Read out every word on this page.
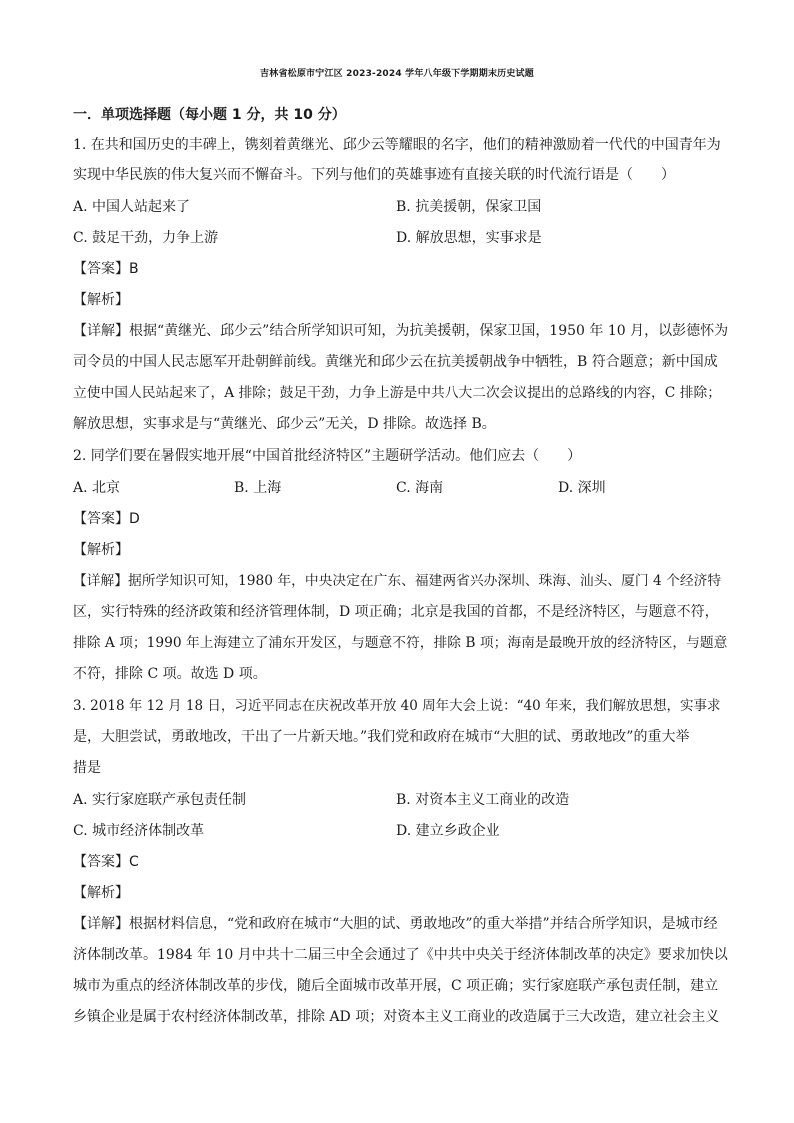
吉林省松原市宁江区 2023-2024 学年八年级下学期期末历史试题
一．单项选择题（每小题 1 分，共 10 分）
1. 在共和国历史的丰碑上，镌刻着黄继光、邱少云等耀眼的名字，他们的精神激励着一代代的中国青年为
实现中华民族的伟大复兴而不懈奋斗。下列与他们的英雄事迹有直接关联的时代流行语是（　　）
A. 中国人站起来了	B. 抗美援朝，保家卫国
C. 鼓足干劲，力争上游	D. 解放思想，实事求是
【答案】B
【解析】
【详解】根据“黄继光、邱少云”结合所学知识可知，为抗美援朝，保家卫国，1950 年 10 月，以彭德怀为
司令员的中国人民志愿军开赴朝鲜前线。黄继光和邱少云在抗美援朝战争中牺牲，B 符合题意；新中国成
立使中国人民站起来了，A 排除；鼓足干劲，力争上游是中共八大二次会议提出的总路线的内容，C 排除；
解放思想，实事求是与“黄继光、邱少云”无关，D 排除。故选择 B。
2. 同学们要在暑假实地开展“中国首批经济特区”主题研学活动。他们应去（　　）
A. 北京	B. 上海	C. 海南	D. 深圳
【答案】D
【解析】
【详解】据所学知识可知，1980 年，中央决定在广东、福建两省兴办深圳、珠海、汕头、厦门 4 个经济特
区，实行特殊的经济政策和经济管理体制，D 项正确；北京是我国的首都，不是经济特区，与题意不符，
排除 A 项；1990 年上海建立了浦东开发区，与题意不符，排除 B 项；海南是最晚开放的经济特区，与题意
不符，排除 C 项。故选 D 项。
3. 2018 年 12 月 18 日，习近平同志在庆祝改革开放 40 周年大会上说：“40 年来，我们解放思想，实事求
是，大胆尝试，勇敢地改，干出了一片新天地。”我们党和政府在城市“大胆的试、勇敢地改”的重大举
措是
A. 实行家庭联产承包责任制	B. 对资本主义工商业的改造
C. 城市经济体制改革	D. 建立乡政企业
【答案】C
【解析】
【详解】根据材料信息，“党和政府在城市“大胆的试、勇敢地改”的重大举措”并结合所学知识，是城市经
济体制改革。1984 年 10 月中共十二届三中全会通过了《中共中央关于经济体制改革的决定》要求加快以
城市为重点的经济体制改革的步伐，随后全面城市改革开展，C 项正确；实行家庭联产承包责任制，建立
乡镇企业是属于农村经济体制改革，排除 AD 项；对资本主义工商业的改造属于三大改造，建立社会主义
